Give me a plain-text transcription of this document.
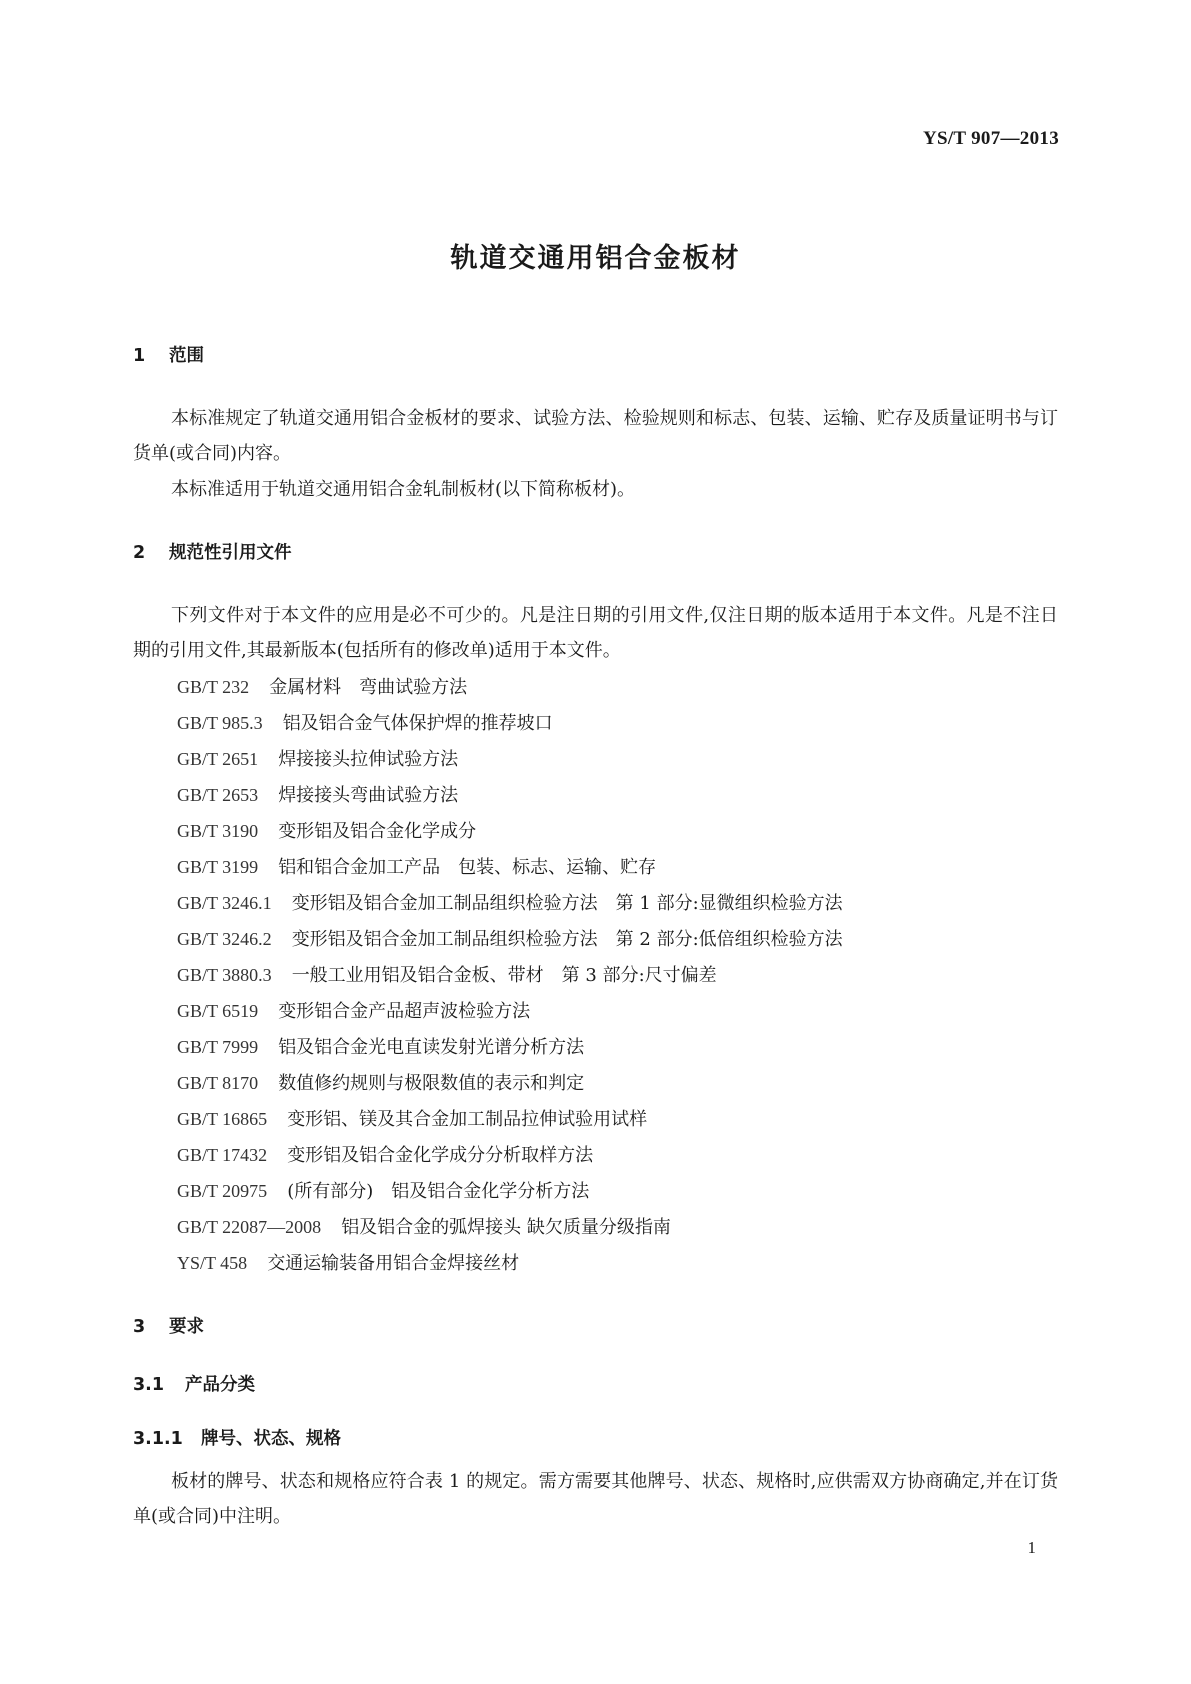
YS/T 907—2013
轨道交通用铝合金板材
1 范围
本标准规定了轨道交通用铝合金板材的要求、试验方法、检验规则和标志、包装、运输、贮存及质量证明书与订货单(或合同)内容。
本标准适用于轨道交通用铝合金轧制板材(以下简称板材)。
2 规范性引用文件
下列文件对于本文件的应用是必不可少的。凡是注日期的引用文件,仅注日期的版本适用于本文件。凡是不注日期的引用文件,其最新版本(包括所有的修改单)适用于本文件。
GB/T 232 金属材料　弯曲试验方法
GB/T 985.3 铝及铝合金气体保护焊的推荐坡口
GB/T 2651 焊接接头拉伸试验方法
GB/T 2653 焊接接头弯曲试验方法
GB/T 3190 变形铝及铝合金化学成分
GB/T 3199 铝和铝合金加工产品　包装、标志、运输、贮存
GB/T 3246.1 变形铝及铝合金加工制品组织检验方法　第 1 部分:显微组织检验方法
GB/T 3246.2 变形铝及铝合金加工制品组织检验方法　第 2 部分:低倍组织检验方法
GB/T 3880.3 一般工业用铝及铝合金板、带材　第 3 部分:尺寸偏差
GB/T 6519 变形铝合金产品超声波检验方法
GB/T 7999 铝及铝合金光电直读发射光谱分析方法
GB/T 8170 数值修约规则与极限数值的表示和判定
GB/T 16865 变形铝、镁及其合金加工制品拉伸试验用试样
GB/T 17432 变形铝及铝合金化学成分分析取样方法
GB/T 20975 (所有部分)　铝及铝合金化学分析方法
GB/T 22087—2008 铝及铝合金的弧焊接头 缺欠质量分级指南
YS/T 458 交通运输装备用铝合金焊接丝材
3 要求
3.1 产品分类
3.1.1 牌号、状态、规格
板材的牌号、状态和规格应符合表 1 的规定。需方需要其他牌号、状态、规格时,应供需双方协商确定,并在订货单(或合同)中注明。
1
